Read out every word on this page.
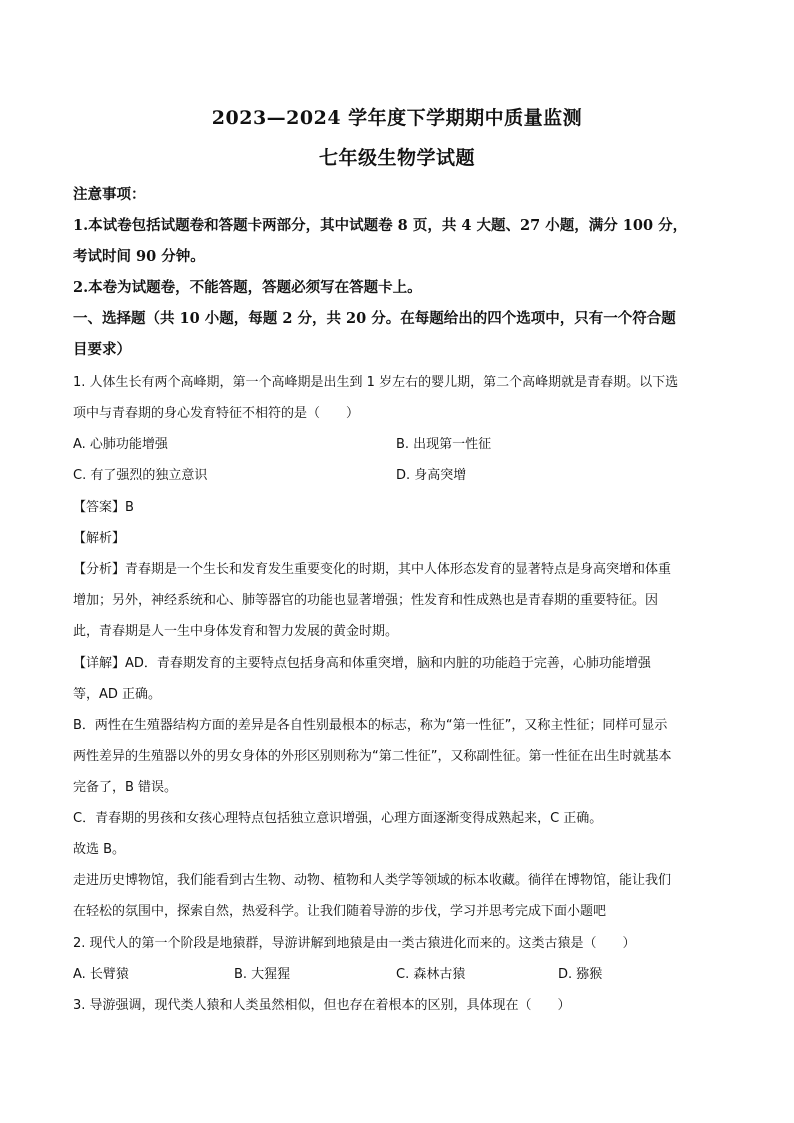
2023—2024 学年度下学期期中质量监测
七年级生物学试题
注意事项：
1.本试卷包括试题卷和答题卡两部分，其中试题卷 8 页，共 4 大题、27 小题，满分 100 分，
考试时间 90 分钟。
2.本卷为试题卷，不能答题，答题必须写在答题卡上。
一、选择题（共 10 小题，每题 2 分，共 20 分。在每题给出的四个选项中，只有一个符合题
目要求）
1. 人体生长有两个高峰期，第一个高峰期是出生到 1 岁左右的婴儿期，第二个高峰期就是青春期。以下选
项中与青春期的身心发育特征不相符的是（　　）
A. 心肺功能增强	B. 出现第一性征
C. 有了强烈的独立意识	D. 身高突增
【答案】B
【解析】
【分析】青春期是一个生长和发育发生重要变化的时期，其中人体形态发育的显著特点是身高突增和体重
增加；另外，神经系统和心、肺等器官的功能也显著增强；性发育和性成熟也是青春期的重要特征。因
此，青春期是人一生中身体发育和智力发展的黄金时期。
【详解】AD．青春期发育的主要特点包括身高和体重突增，脑和内脏的功能趋于完善，心肺功能增强
等，AD 正确。
B．两性在生殖器结构方面的差异是各自性别最根本的标志，称为“第一性征”，又称主性征；同样可显示
两性差异的生殖器以外的男女身体的外形区别则称为“第二性征”，又称副性征。第一性征在出生时就基本
完备了，B 错误。
C．青春期的男孩和女孩心理特点包括独立意识增强，心理方面逐渐变得成熟起来，C 正确。
故选 B。
走进历史博物馆，我们能看到古生物、动物、植物和人类学等领域的标本收藏。徜徉在博物馆，能让我们
在轻松的氛围中，探索自然，热爱科学。让我们随着导游的步伐，学习并思考完成下面小题吧
2. 现代人的第一个阶段是地猿群，导游讲解到地猿是由一类古猿进化而来的。这类古猿是（　　）
A. 长臂猿	B. 大猩猩	C. 森林古猿	D. 猕猴
3. 导游强调，现代类人猿和人类虽然相似，但也存在着根本的区别，具体现在（　　）
